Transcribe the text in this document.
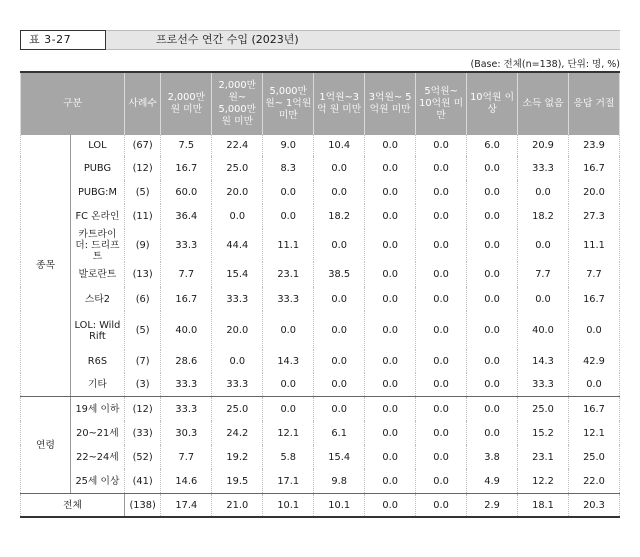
표 3-27	프로선수 연간 수입 (2023년)
(Base: 전체(n=138), 단위: 명, %)
구분		사례수	2,000만원 미만	2,000만원~ 5,000만원 미만	5,000만원~ 1억원 미만	1억원~3억 원 미만	3억원~ 5억원 미만	5억원~ 10억원 미만	10억원 이상	소득 없음	응답 거절
종목	LOL	(67)	7.5	22.4	9.0	10.4	0.0	0.0	6.0	20.9	23.9
	PUBG	(12)	16.7	25.0	8.3	0.0	0.0	0.0	0.0	33.3	16.7
	PUBG:M	(5)	60.0	20.0	0.0	0.0	0.0	0.0	0.0	0.0	20.0
	FC 온라인	(11)	36.4	0.0	0.0	18.2	0.0	0.0	0.0	18.2	27.3
	카트라이더: 드리프트	(9)	33.3	44.4	11.1	0.0	0.0	0.0	0.0	0.0	11.1
	발로란트	(13)	7.7	15.4	23.1	38.5	0.0	0.0	0.0	7.7	7.7
	스타2	(6)	16.7	33.3	33.3	0.0	0.0	0.0	0.0	0.0	16.7
	LOL: Wild Rift	(5)	40.0	20.0	0.0	0.0	0.0	0.0	0.0	40.0	0.0
	R6S	(7)	28.6	0.0	14.3	0.0	0.0	0.0	0.0	14.3	42.9
	기타	(3)	33.3	33.3	0.0	0.0	0.0	0.0	0.0	33.3	0.0
연령	19세 이하	(12)	33.3	25.0	0.0	0.0	0.0	0.0	0.0	25.0	16.7
	20~21세	(33)	30.3	24.2	12.1	6.1	0.0	0.0	0.0	15.2	12.1
	22~24세	(52)	7.7	19.2	5.8	15.4	0.0	0.0	3.8	23.1	25.0
	25세 이상	(41)	14.6	19.5	17.1	9.8	0.0	0.0	4.9	12.2	22.0
전체		(138)	17.4	21.0	10.1	10.1	0.0	0.0	2.9	18.1	20.3
